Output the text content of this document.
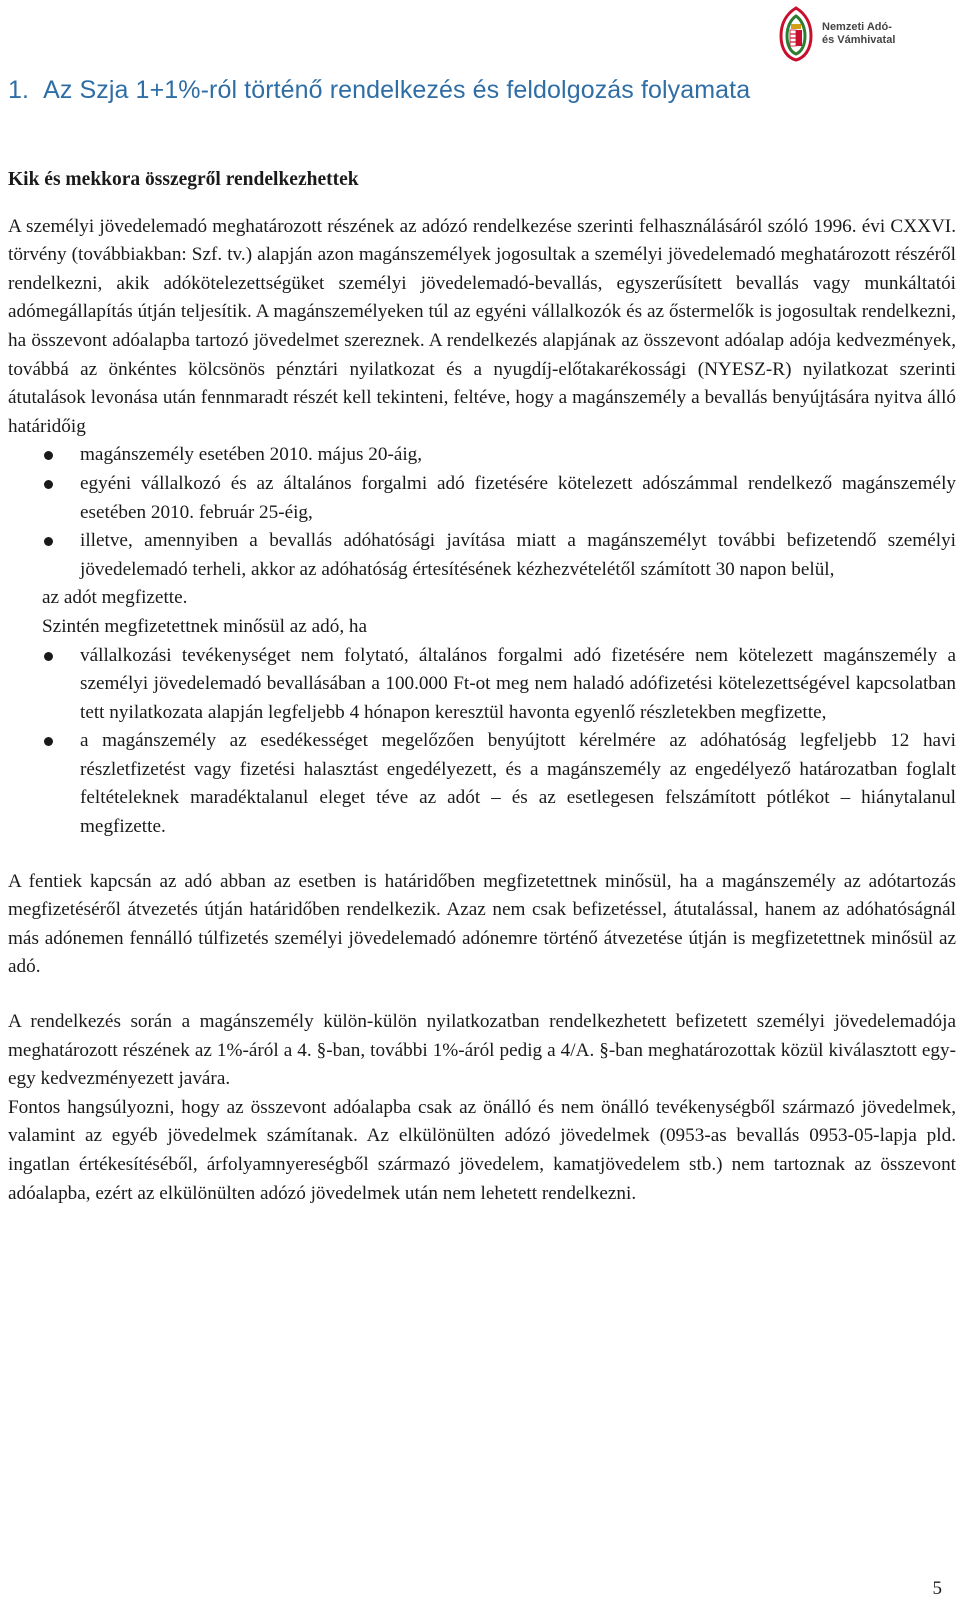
Nemzeti Adó-
és Vámhivatal
1. Az Szja 1+1%-ról történő rendelkezés és feldolgozás folyamata
Kik és mekkora összegről rendelkezhettek

A személyi jövedelemadó meghatározott részének az adózó rendelkezése szerinti felhasználásáról szóló 1996. évi CXXVI. törvény (továbbiakban: Szf. tv.) alapján azon magánszemélyek jogosultak a személyi jövedelemadó meghatározott részéről rendelkezni, akik adókötelezettségüket személyi jövedelemadó-bevallás, egyszerűsített bevallás vagy munkáltatói adómegállapítás útján teljesítik. A magánszemélyeken túl az egyéni vállalkozók és az őstermelők is jogosultak rendelkezni, ha összevont adóalapba tartozó jövedelmet szereznek. A rendelkezés alapjának az összevont adóalap adója kedvezmények, továbbá az önkéntes kölcsönös pénztári nyilatkozat és a nyugdíj-előtakarékossági (NYESZ-R) nyilatkozat szerinti átutalások levonása után fennmaradt részét kell tekinteni, feltéve, hogy a magánszemély a bevallás benyújtására nyitva álló határidőig

magánszemély esetében 2010. május 20-áig,
egyéni vállalkozó és az általános forgalmi adó fizetésére kötelezett adószámmal rendelkező magánszemély esetében 2010. február 25-éig,
illetve, amennyiben a bevallás adóhatósági javítása miatt a magánszemélyt további befizetendő személyi jövedelemadó terheli, akkor az adóhatóság értesítésének kézhezvételétől számított 30 napon belül,

az adót megfizette.

Szintén megfizetettnek minősül az adó, ha

vállalkozási tevékenységet nem folytató, általános forgalmi adó fizetésére nem kötelezett magánszemély a személyi jövedelemadó bevallásában a 100.000 Ft-ot meg nem haladó adófizetési kötelezettségével kapcsolatban tett nyilatkozata alapján legfeljebb 4 hónapon keresztül havonta egyenlő részletekben megfizette,
a magánszemély az esedékességet megelőzően benyújtott kérelmére az adóhatóság legfeljebb 12 havi részletfizetést vagy fizetési halasztást engedélyezett, és a magánszemély az engedélyező határozatban foglalt feltételeknek maradéktalanul eleget téve az adót – és az esetlegesen felszámított pótlékot – hiánytalanul megfizette.

A fentiek kapcsán az adó abban az esetben is határidőben megfizetettnek minősül, ha a magánszemély az adótartozás megfizetéséről átvezetés útján határidőben rendelkezik. Azaz nem csak befizetéssel, átutalással, hanem az adóhatóságnál más adónemen fennálló túlfizetés személyi jövedelemadó adónemre történő átvezetése útján is megfizetettnek minősül az adó.

A rendelkezés során a magánszemély külön-külön nyilatkozatban rendelkezhetett befizetett személyi jövedelemadója meghatározott részének az 1%-áról a 4. §-ban, további 1%-áról pedig a 4/A. §-ban meghatározottak közül kiválasztott egy-egy kedvezményezett javára.

Fontos hangsúlyozni, hogy az összevont adóalapba csak az önálló és nem önálló tevékenységből származó jövedelmek, valamint az egyéb jövedelmek számítanak. Az elkülönülten adózó jövedelmek (0953-as bevallás 0953-05-lapja pld. ingatlan értékesítéséből, árfolyamnyereségből származó jövedelem, kamatjövedelem stb.) nem tartoznak az összevont adóalapba, ezért az elkülönülten adózó jövedelmek után nem lehetett rendelkezni.

5
